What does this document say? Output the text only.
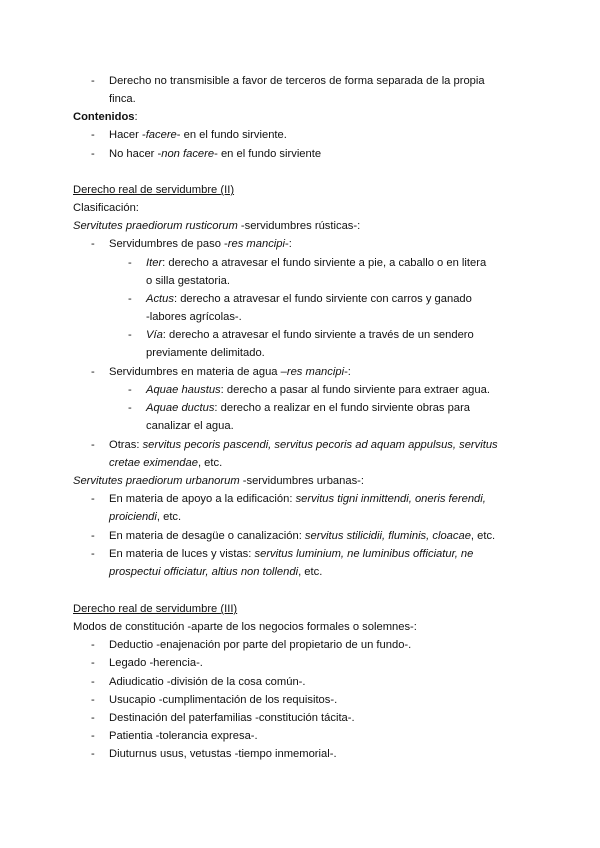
- Derecho no transmisible a favor de terceros de forma separada de la propia
finca.
Contenidos:
- Hacer -facere- en el fundo sirviente.
- No hacer -non facere- en el fundo sirviente
Derecho real de servidumbre (II)
Clasificación:
Servitutes praediorum rusticorum -servidumbres rústicas-:
- Servidumbres de paso -res mancipi-:
- Iter: derecho a atravesar el fundo sirviente a pie, a caballo o en litera
o silla gestatoria.
- Actus: derecho a atravesar el fundo sirviente con carros y ganado
-labores agrícolas-.
- Vía: derecho a atravesar el fundo sirviente a través de un sendero
previamente delimitado.
- Servidumbres en materia de agua –res mancipi-:
- Aquae haustus: derecho a pasar al fundo sirviente para extraer agua.
- Aquae ductus: derecho a realizar en el fundo sirviente obras para
canalizar el agua.
- Otras: servitus pecoris pascendi, servitus pecoris ad aquam appulsus, servitus
cretae eximendae, etc.
Servitutes praediorum urbanorum -servidumbres urbanas-:
- En materia de apoyo a la edificación: servitus tigni inmittendi, oneris ferendi,
proiciendi, etc.
- En materia de desagüe o canalización: servitus stilicidii, fluminis, cloacae, etc.
- En materia de luces y vistas: servitus luminium, ne luminibus officiatur, ne
prospectui officiatur, altius non tollendi, etc.
Derecho real de servidumbre (III)
Modos de constitución -aparte de los negocios formales o solemnes-:
- Deductio -enajenación por parte del propietario de un fundo-.
- Legado -herencia-.
- Adiudicatio -división de la cosa común-.
- Usucapio -cumplimentación de los requisitos-.
- Destinación del paterfamilias -constitución tácita-.
- Patientia -tolerancia expresa-.
- Diuturnus usus, vetustas -tiempo inmemorial-.
